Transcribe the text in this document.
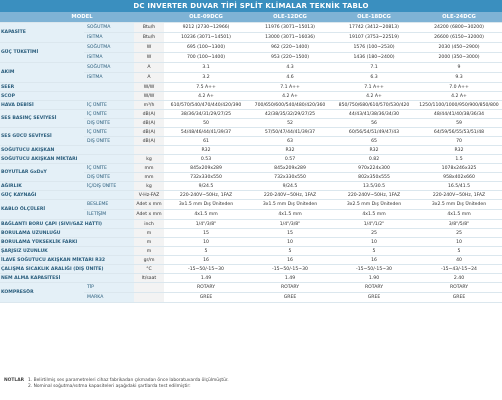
DC INVERTER DUVAR TİPİ SPLİT KLİMALAR TEKNİK TABLO
MODEL			OLE-09DCG	OLE-12DCG	OLE-18DCG	OLE-24DCG
KAPASİTE	SOĞUTMA	Btu/h	9212 (2730~12966)	11976 (3071~15013)	17742 (3412~20813)	24200 (6800~30200)
	ISITMA	Btu/h	10236 (3071~14501)	13000 (3071~16036)	19107 (3753~22519)	26600 (6150~32000)
GÜÇ TÜKETİMİ	SOĞUTMA	W	695 (100~1300)	962 (220~1400)	1576 (100~2530)	2030 (450~2900)
	ISITMA	W	700 (100~1400)	953 (220~1500)	1436 (180~2400)	2000 (350~3000)
AKIM	SOĞUTMA	A	3.1	4.3	7.1	9
	ISITMA	A	3.2	4.6	6.3	9.3
SEER		W/W	7.5 A++	7.1 A++	7.1 A++	7.0 A++
SCOP		W/W	4.2 A+	4.2 A+	4.2 A+	4.2 A+
HAVA DEBİSİ	İÇ ÜNİTE	m³/h	610/570/540/470/440/420/390	700/650/600/540/480/420/360	850/750/680/610/570/530/420	1250/1100/1000/950/900/850/800
SES BASINÇ SEVİYESİ	İÇ ÜNİTE	dB(A)	38/36/34/31/29/27/25	42/38/35/32/29/27/25	44/43/41/38/36/34/30	48/44/41/40/38/36/34
	DIŞ ÜNİTE	dB(A)	50	52	56	59
SES GÜCÜ SEVİYESİ	İÇ ÜNİTE	dB(A)	54/48/46/44/41/39/37	57/50/47/44/41/39/37	60/56/54/51/49/47/43	64/59/56/55/53/51/48
	DIŞ ÜNİTE	dB(A)	61	63	65	70
SOĞUTUCU AKIŞKAN			R32	R32	R32	R32
SOĞUTUCU AKIŞKAN MİKTARI		kg	0.53	0.57	0.82	1.5
BOYUTLAR GxDxY	İÇ ÜNİTE	mm	845x209x289	845x209x289	970x224x300	1078x246x325
	DIŞ ÜNİTE	mm	732x330x550	732x330x550	802x350x555	958x402x660
AĞIRLIK	İÇ/DIŞ ÜNİTE	kg	9/24.5	9/24.5	13.5/30.5	16.5/41.5
GÜÇ KAYNAĞI		V-Hz-FAZ	220-240V~50Hz, 1FAZ	220-240V~50Hz, 1FAZ	220-240V~50Hz, 1FAZ	220-240V~50Hz, 1FAZ
KABLO ÖLÇÜLERİ	BESLEME	Adet x mm	3x1.5 mm Dış Üniteden	3x1.5 mm Dış Üniteden	3x2.5 mm Dış Üniteden	3x2.5 mm Dış Üniteden
	İLETİŞİM	Adet x mm	4x1.5 mm	4x1.5 mm	4x1.5 mm	4x1.5 mm
BAĞLANTI BORU ÇAPI (SIVI/GAZ HATTI)		inch	1/4"/3/8"	1/4"/3/8"	1/4"/1/2"	3/8"/5/8"
BORULAMA UZUNLUĞU		m	15	15	25	25
BORULAMA YÜKSEKLİK FARKI		m	10	10	10	10
ŞARJSIZ UZUNLUK		m	5	5	5	5
İLAVE SOĞUTUCU AKIŞKAN MİKTARI R32		gr/m	16	16	16	40
ÇALIŞMA SICAKLIK ARALIĞI (DIŞ ÜNİTE)		°C	-15~50/-15~30	-15~50/-15~30	-15~50/-15~30	-15~43/-15~24
NEM ALMA KAPASİTESİ		lt/saat	1.49	1.49	1.90	2.40
KOMPRESÖR	TİP		ROTARY	ROTARY	ROTARY	ROTARY
	MARKA		GREE	GREE	GREE	GREE
NOTLAR 1. Belirtilmiş ses parametreleri cihaz fabrikadan çıkmadan önce laboratuvarda ölçülmüştür.
2. Nominal soğutma/ısıtma kapasiteleri aşağıdaki şartlarda test edilmiştir:
